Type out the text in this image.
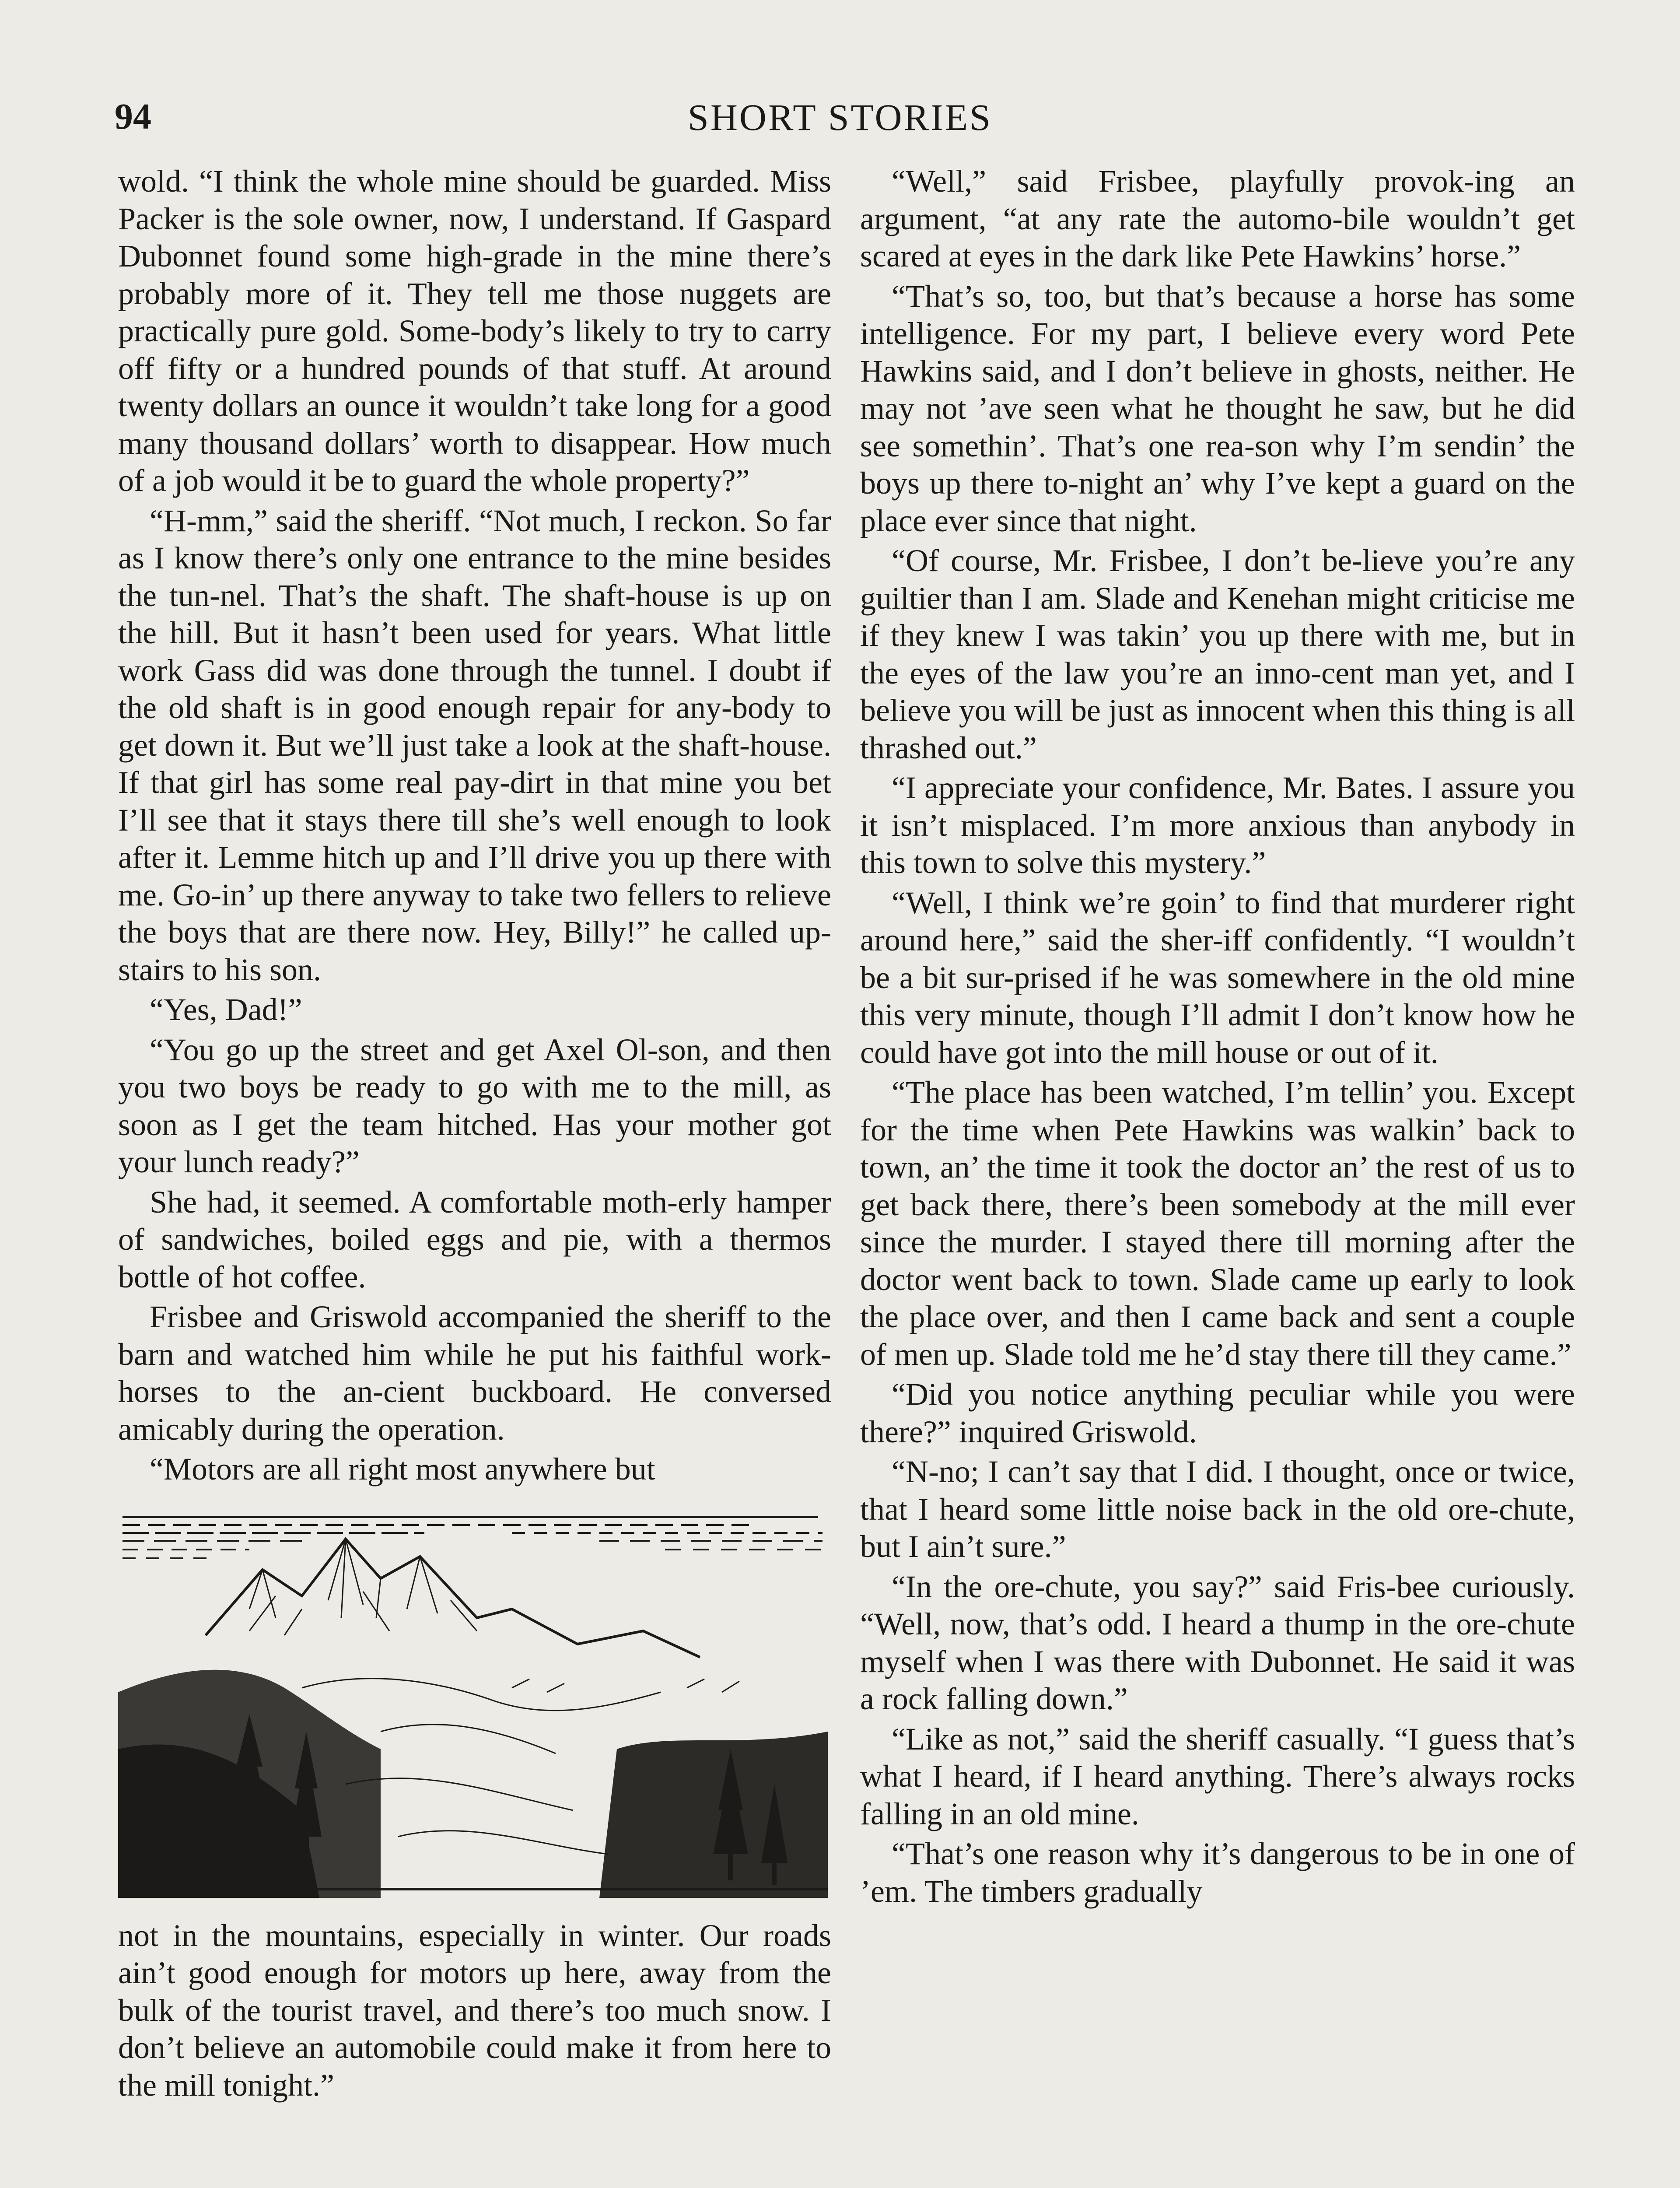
94	SHORT STORIES

wold. “I think the whole mine should be guarded. Miss Packer is the sole owner, now, I understand. If Gaspard Dubonnet found some high-grade in the mine there’s probably more of it. They tell me those nuggets are practically pure gold. Some-body’s likely to try to carry off fifty or a hundred pounds of that stuff. At around twenty dollars an ounce it wouldn’t take long for a good many thousand dollars’ worth to disappear. How much of a job would it be to guard the whole property?”

“H-mm,” said the sheriff. “Not much, I reckon. So far as I know there’s only one entrance to the mine besides the tun-nel. That’s the shaft. The shaft-house is up on the hill. But it hasn’t been used for years. What little work Gass did was done through the tunnel. I doubt if the old shaft is in good enough repair for any-body to get down it. But we’ll just take a look at the shaft-house. If that girl has some real pay-dirt in that mine you bet I’ll see that it stays there till she’s well enough to look after it. Lemme hitch up and I’ll drive you up there with me. Go-in’ up there anyway to take two fellers to relieve the boys that are there now. Hey, Billy!” he called up-stairs to his son.

“Yes, Dad!”

“You go up the street and get Axel Ol-son, and then you two boys be ready to go with me to the mill, as soon as I get the team hitched. Has your mother got your lunch ready?”

She had, it seemed. A comfortable moth-erly hamper of sandwiches, boiled eggs and pie, with a thermos bottle of hot coffee.

Frisbee and Griswold accompanied the sheriff to the barn and watched him while he put his faithful work-horses to the an-cient buckboard. He conversed amicably during the operation.

“Motors are all right most anywhere but

not in the mountains, especially in winter. Our roads ain’t good enough for motors up here, away from the bulk of the tourist travel, and there’s too much snow. I don’t believe an automobile could make it from here to the mill tonight.”

“Well,” said Frisbee, playfully provok-ing an argument, “at any rate the automo-bile wouldn’t get scared at eyes in the dark like Pete Hawkins’ horse.”

“That’s so, too, but that’s because a horse has some intelligence. For my part, I believe every word Pete Hawkins said, and I don’t believe in ghosts, neither. He may not ’ave seen what he thought he saw, but he did see somethin’. That’s one rea-son why I’m sendin’ the boys up there to-night an’ why I’ve kept a guard on the place ever since that night.

“Of course, Mr. Frisbee, I don’t be-lieve you’re any guiltier than I am. Slade and Kenehan might criticise me if they knew I was takin’ you up there with me, but in the eyes of the law you’re an inno-cent man yet, and I believe you will be just as innocent when this thing is all thrashed out.”

“I appreciate your confidence, Mr. Bates. I assure you it isn’t misplaced. I’m more anxious than anybody in this town to solve this mystery.”

“Well, I think we’re goin’ to find that murderer right around here,” said the sher-iff confidently. “I wouldn’t be a bit sur-prised if he was somewhere in the old mine this very minute, though I’ll admit I don’t know how he could have got into the mill house or out of it.

“The place has been watched, I’m tellin’ you. Except for the time when Pete Hawkins was walkin’ back to town, an’ the time it took the doctor an’ the rest of us to get back there, there’s been somebody at the mill ever since the murder. I stayed there till morning after the doctor went back to town. Slade came up early to look the place over, and then I came back and sent a couple of men up. Slade told me he’d stay there till they came.”

“Did you notice anything peculiar while you were there?” inquired Griswold.

“N-no; I can’t say that I did. I thought, once or twice, that I heard some little noise back in the old ore-chute, but I ain’t sure.”

“In the ore-chute, you say?” said Fris-bee curiously. “Well, now, that’s odd. I heard a thump in the ore-chute myself when I was there with Dubonnet. He said it was a rock falling down.”

“Like as not,” said the sheriff casually. “I guess that’s what I heard, if I heard anything. There’s always rocks falling in an old mine.

“That’s one reason why it’s dangerous to be in one of ’em. The timbers gradually
